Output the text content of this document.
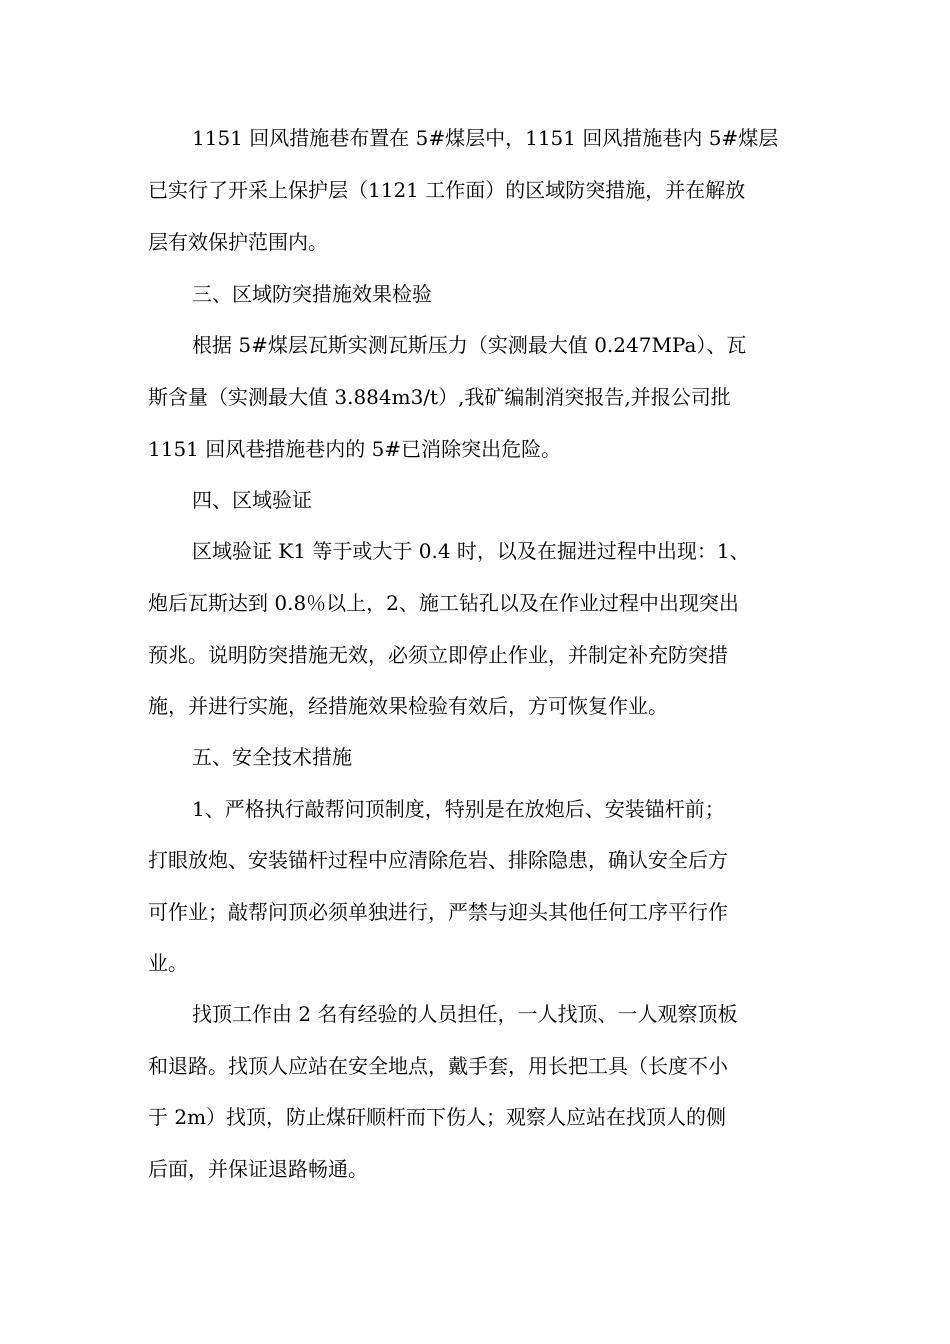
1151 回风措施巷布置在 5#煤层中，1151 回风措施巷内 5#煤层
已实行了开采上保护层（1121 工作面）的区域防突措施，并在解放
层有效保护范围内。
三、区域防突措施效果检验
根据 5#煤层瓦斯实测瓦斯压力（实测最大值 0.247MPa）、瓦
斯含量（实测最大值 3.884m3/t）,我矿编制消突报告,并报公司批
1151 回风巷措施巷内的 5#已消除突出危险。
四、区域验证
区域验证 K1 等于或大于 0.4 时，以及在掘进过程中出现：1、
炮后瓦斯达到 0.8％以上，2、施工钻孔以及在作业过程中出现突出
预兆。说明防突措施无效，必须立即停止作业，并制定补充防突措
施，并进行实施，经措施效果检验有效后，方可恢复作业。
五、安全技术措施
1、严格执行敲帮问顶制度，特别是在放炮后、安装锚杆前；
打眼放炮、安装锚杆过程中应清除危岩、排除隐患，确认安全后方
可作业；敲帮问顶必须单独进行，严禁与迎头其他任何工序平行作
业。
找顶工作由 2 名有经验的人员担任，一人找顶、一人观察顶板
和退路。找顶人应站在安全地点，戴手套，用长把工具（长度不小
于 2m）找顶，防止煤矸顺杆而下伤人；观察人应站在找顶人的侧
后面，并保证退路畅通。
